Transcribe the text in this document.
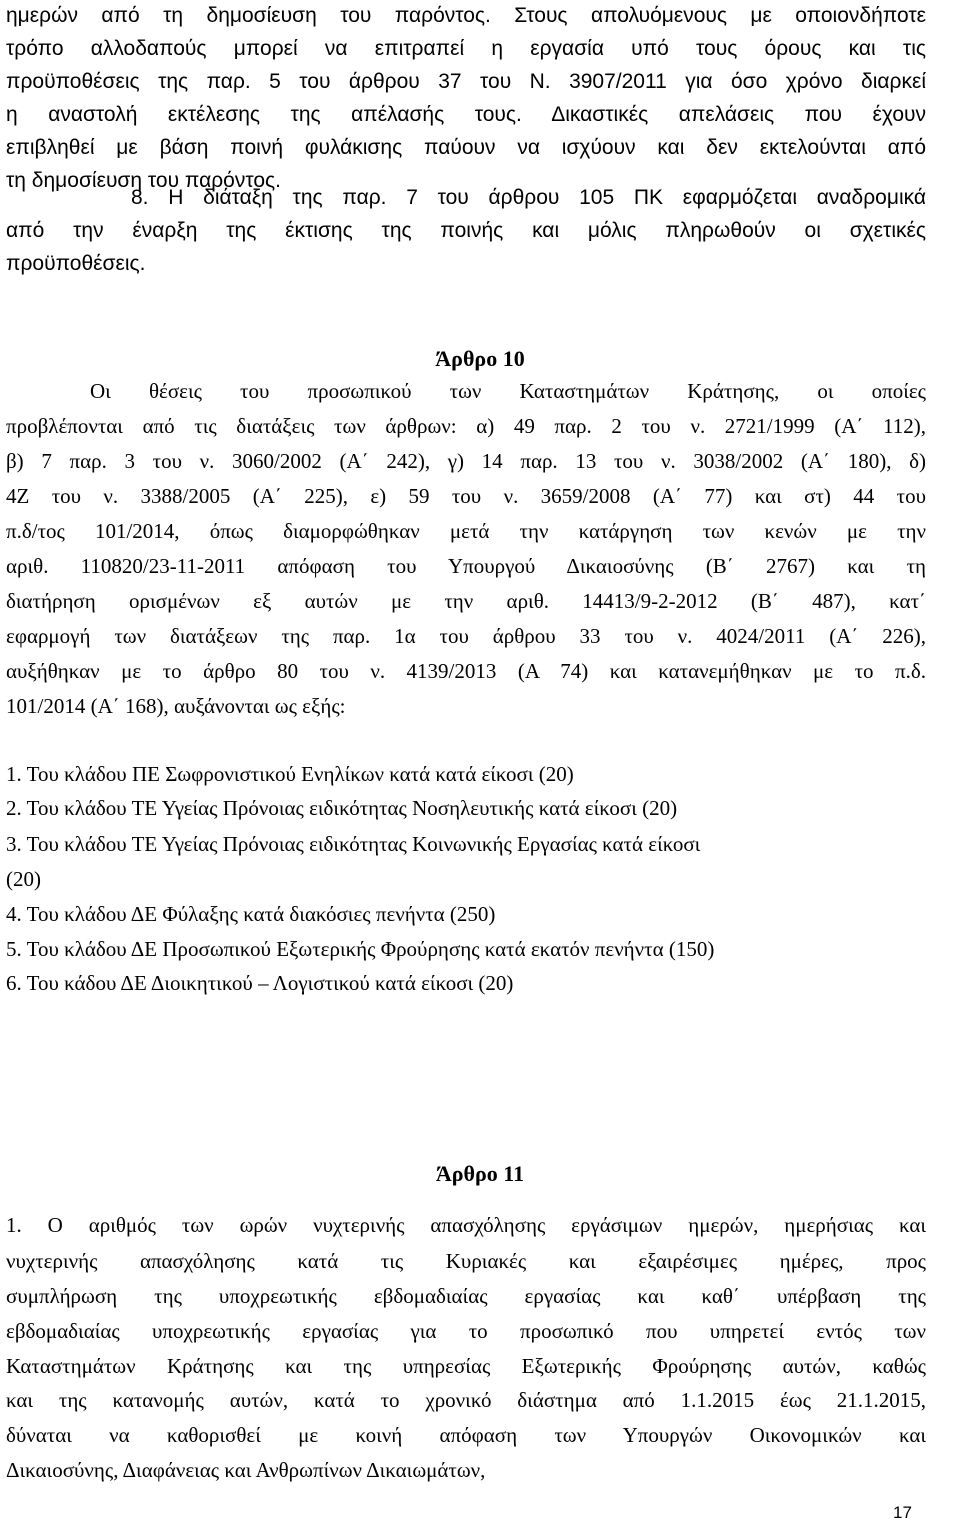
ημερών από τη δημοσίευση του παρόντος. Στους απολυόμενους με οποιονδήποτε
τρόπο αλλοδαπούς μπορεί να επιτραπεί η εργασία υπό τους όρους και τις
προϋποθέσεις της παρ. 5 του άρθρου 37 του Ν. 3907/2011 για όσο χρόνο διαρκεί
η αναστολή εκτέλεσης της απέλασής τους. Δικαστικές απελάσεις που έχουν
επιβληθεί με βάση ποινή φυλάκισης παύουν να ισχύουν και δεν εκτελούνται από
τη δημοσίευση του παρόντος.
8. Η διάταξη της παρ. 7 του άρθρου 105 ΠΚ εφαρμόζεται αναδρομικά
από την έναρξη της έκτισης της ποινής και μόλις πληρωθούν οι σχετικές
προϋποθέσεις.
Άρθρο 10
Οι θέσεις του προσωπικού των Καταστημάτων Κράτησης, οι οποίες
προβλέπονται από τις διατάξεις των άρθρων: α) 49 παρ. 2 του ν. 2721/1999 (Α΄ 112),
β) 7 παρ. 3 του ν. 3060/2002 (Α΄ 242), γ) 14 παρ. 13 του ν. 3038/2002 (Α΄ 180), δ)
4Ζ του ν. 3388/2005 (Α΄ 225), ε) 59 του ν. 3659/2008 (Α΄ 77) και στ) 44 του
π.δ/τος 101/2014, όπως διαμορφώθηκαν μετά την κατάργηση των κενών με την
αριθ. 110820/23-11-2011 απόφαση του Υπουργού Δικαιοσύνης (Β΄ 2767) και τη
διατήρηση ορισμένων εξ αυτών με την αριθ. 14413/9-2-2012 (Β΄ 487), κατ΄
εφαρμογή των διατάξεων της παρ. 1α του άρθρου 33 του ν. 4024/2011 (Α΄ 226),
αυξήθηκαν με το άρθρο 80 του ν. 4139/2013 (Α 74) και κατανεμήθηκαν με το π.δ.
101/2014 (Α΄ 168), αυξάνονται ως εξής:
1. Του κλάδου ΠΕ Σωφρονιστικού Ενηλίκων κατά κατά είκοσι (20)
2. Του κλάδου ΤΕ Υγείας Πρόνοιας ειδικότητας Νοσηλευτικής κατά είκοσι (20)
3. Του κλάδου ΤΕ Υγείας Πρόνοιας ειδικότητας Κοινωνικής Εργασίας κατά είκοσι
(20)
4. Του κλάδου ΔΕ Φύλαξης κατά διακόσιες πενήντα (250)
5. Του κλάδου ΔΕ Προσωπικού Εξωτερικής Φρούρησης κατά εκατόν πενήντα (150)
6. Του κάδου ΔΕ Διοικητικού – Λογιστικού κατά είκοσι (20)
Άρθρο 11
1. Ο αριθμός των ωρών νυχτερινής απασχόλησης εργάσιμων ημερών, ημερήσιας και
νυχτερινής απασχόλησης κατά τις Κυριακές και εξαιρέσιμες ημέρες, προς
συμπλήρωση της υποχρεωτικής εβδομαδιαίας εργασίας και καθ΄ υπέρβαση της
εβδομαδιαίας υποχρεωτικής εργασίας για το προσωπικό που υπηρετεί εντός των
Καταστημάτων Κράτησης και της υπηρεσίας Εξωτερικής Φρούρησης αυτών, καθώς
και της κατανομής αυτών, κατά το χρονικό διάστημα από 1.1.2015 έως 21.1.2015,
δύναται να καθορισθεί με κοινή απόφαση των Υπουργών Οικονομικών και
Δικαιοσύνης, Διαφάνειας και Ανθρωπίνων Δικαιωμάτων,
17
